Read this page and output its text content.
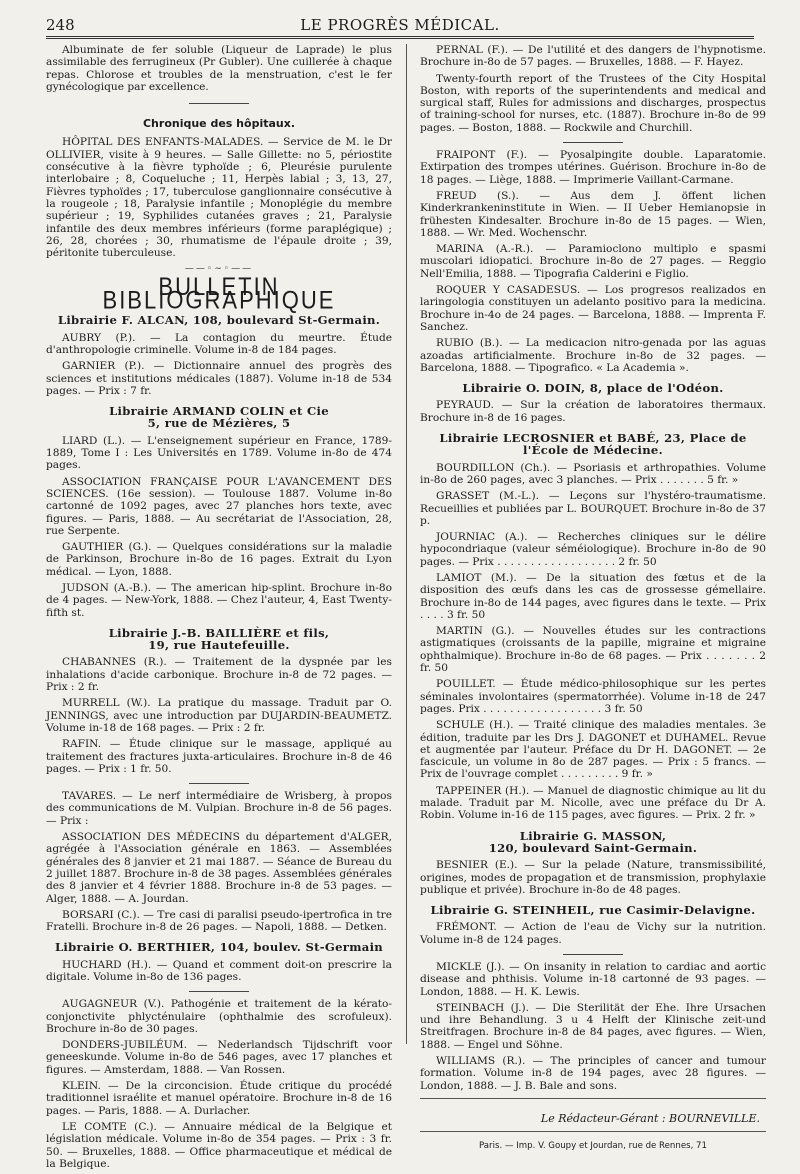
248	LE PROGRÈS MÉDICAL.

Albuminate de fer soluble (Liqueur de Laprade) le plus assimilable des ferrugineux (Pr Gubler). Une cuillerée à chaque repas. Chlorose et troubles de la menstruation, c'est le fer gynécologique par excellence.

Chronique des hôpitaux.

HÔPITAL DES ENFANTS-MALADES. — Service de M. le Dr OLLIVIER, visite à 9 heures. — Salle Gillette: no 5, périostite consécutive à la fièvre typhoïde ; 6, Pleurésie purulente interlobaire ; 8, Coqueluche ; 11, Herpès labial ; 3, 13, 27, Fièvres typhoïdes ; 17, tuberculose ganglionnaire consécutive à la rougeole ; 18, Paralysie infantile ; Monoplégie du membre supérieur ; 19, Syphilides cutanées graves ; 21, Paralysie infantile des deux membres inférieurs (forme paraplégique) ; 26, 28, chorées ; 30, rhumatisme de l'épaule droite ; 39, péritonite tuberculeuse.

——◦∼◦——
BULLETIN BIBLIOGRAPHIQUE
Librairie F. ALCAN, 108, boulevard St-Germain.

AUBRY (P.). — La contagion du meurtre. Étude d'anthropologie criminelle. Volume in-8 de 184 pages.

GARNIER (P.). — Dictionnaire annuel des progrès des sciences et institutions médicales (1887). Volume in-18 de 534 pages. — Prix : 7 fr.

Librairie ARMAND COLIN et Cie
5, rue de Mézières, 5

LIARD (L.). — L'enseignement supérieur en France, 1789-1889, Tome I : Les Universités en 1789. Volume in-8o de 474 pages.

ASSOCIATION FRANÇAISE POUR L'AVANCEMENT DES SCIENCES. (16e session). — Toulouse 1887. Volume in-8o cartonné de 1092 pages, avec 27 planches hors texte, avec figures. — Paris, 1888. — Au secrétariat de l'Association, 28, rue Serpente.

GAUTHIER (G.). — Quelques considérations sur la maladie de Parkinson, Brochure in-8o de 16 pages. Extrait du Lyon médical. — Lyon, 1888.

JUDSON (A.-B.). — The american hip-splint. Brochure in-8o de 4 pages. — New-York, 1888. — Chez l'auteur, 4, East Twenty-fifth st.

Librairie J.-B. BAILLIÈRE et fils,
19, rue Hautefeuille.

CHABANNES (R.). — Traitement de la dyspnée par les inhalations d'acide carbonique. Brochure in-8 de 72 pages. — Prix : 2 fr.

MURRELL (W.). La pratique du massage. Traduit par O. JENNINGS, avec une introduction par DUJARDIN-BEAUMETZ. Volume in-18 de 168 pages. — Prix : 2 fr.

RAFIN. — Étude clinique sur le massage, appliqué au traitement des fractures juxta-articulaires. Brochure in-8 de 46 pages. — Prix : 1 fr. 50.

TAVARES. — Le nerf intermédiaire de Wrisberg, à propos des communications de M. Vulpian. Brochure in-8 de 56 pages. — Prix :

ASSOCIATION DES MÉDECINS du département d'ALGER, agrégée à l'Association générale en 1863. — Assemblées générales des 8 janvier et 21 mai 1887. — Séance de Bureau du 2 juillet 1887. Brochure in-8 de 38 pages. Assemblées générales des 8 janvier et 4 février 1888. Brochure in-8 de 53 pages. — Alger, 1888. — A. Jourdan.

BORSARI (C.). — Tre casi di paralisi pseudo-ipertrofica in tre Fratelli. Brochure in-8 de 26 pages. — Napoli, 1888. — Detken.

Librairie O. BERTHIER, 104, boulev. St-Germain

HUCHARD (H.). — Quand et comment doit-on prescrire la digitale. Volume in-8o de 136 pages.

AUGAGNEUR (V.). Pathogénie et traitement de la kérato-conjonctivite phlycténulaire (ophthalmie des scrofuleux). Brochure in-8o de 30 pages.

DONDERS-JUBILÉUM. — Nederlandsch Tijdschrift voor geneeskunde. Volume in-8o de 546 pages, avec 17 planches et figures. — Amsterdam, 1888. — Van Rossen.

KLEIN. — De la circoncision. Étude critique du procédé traditionnel israélite et manuel opératoire. Brochure in-8 de 16 pages. — Paris, 1888. — A. Durlacher.

LE COMTE (C.). — Annuaire médical de la Belgique et législation médicale. Volume in-8o de 354 pages. — Prix : 3 fr. 50. — Bruxelles, 1888. — Office pharmaceutique et médical de la Belgique.

PERNAL (F.). — De l'utilité et des dangers de l'hypnotisme. Brochure in-8o de 57 pages. — Bruxelles, 1888. — F. Hayez.

Twenty-fourth report of the Trustees of the City Hospital Boston, with reports of the superintendents and medical and surgical staff, Rules for admissions and discharges, prospectus of training-school for nurses, etc. (1887). Brochure in-8o de 99 pages. — Boston, 1888. — Rockwile and Churchill.

FRAIPONT (F.). — Pyosalpingite double. Laparatomie. Extirpation des trompes utérines. Guérison. Brochure in-8o de 18 pages. — Liège, 1888. — Imprimerie Vaillant-Carmane.

FREUD (S.). — Aus dem J. öffent lichen Kinderkrankeninstitute in Wien. — II Ueber Hemianopsie in frühesten Kindesalter. Brochure in-8o de 15 pages. — Wien, 1888. — Wr. Med. Wochenschr.

MARINA (A.-R.). — Paramioclono multiplo e spasmi muscolari idiopatici. Brochure in-8o de 27 pages. — Reggio Nell'Emilia, 1888. — Tipografia Calderini e Figlio.

ROQUER Y CASADESUS. — Los progresos realizados en laringologia constituyen un adelanto positivo para la medicina. Brochure in-4o de 24 pages. — Barcelona, 1888. — Imprenta F. Sanchez.

RUBIO (B.). — La medicacion nitro-genada por las aguas azoadas artificialmente. Brochure in-8o de 32 pages. — Barcelona, 1888. — Tipografico. « La Academia ».

Librairie O. DOIN, 8, place de l'Odéon.

PEYRAUD. — Sur la création de laboratoires thermaux. Brochure in-8 de 16 pages.

Librairie LECROSNIER et BABÉ, 23, Place de
l'École de Médecine.

BOURDILLON (Ch.). — Psoriasis et arthropathies. Volume in-8o de 260 pages, avec 3 planches. — Prix . . . . . . . 5 fr. »

GRASSET (M.-L.). — Leçons sur l'hystéro-traumatisme. Recueillies et publiées par L. BOURQUET. Brochure in-8o de 37 p.

JOURNIAC (A.). — Recherches cliniques sur le délire hypocondriaque (valeur séméiologique). Brochure in-8o de 90 pages. — Prix . . . . . . . . . . . . . . . . . . 2 fr. 50

LAMIOT (M.). — De la situation des fœtus et de la disposition des œufs dans les cas de grossesse gémellaire. Brochure in-8o de 144 pages, avec figures dans le texte. — Prix . . . . 3 fr. 50

MARTIN (G.). — Nouvelles études sur les contractions astigmatiques (croissants de la papille, migraine et migraine ophthalmique). Brochure in-8o de 68 pages. — Prix . . . . . . . 2 fr. 50

POUILLET. — Étude médico-philosophique sur les pertes séminales involontaires (spermatorrhée). Volume in-18 de 247 pages. Prix . . . . . . . . . . . . . . . . . . 3 fr. 50

SCHULE (H.). — Traité clinique des maladies mentales. 3e édition, traduite par les Drs J. DAGONET et DUHAMEL. Revue et augmentée par l'auteur. Préface du Dr H. DAGONET. — 2e fascicule, un volume in 8o de 287 pages. — Prix : 5 francs. — Prix de l'ouvrage complet . . . . . . . . . 9 fr. »

TAPPEINER (H.). — Manuel de diagnostic chimique au lit du malade. Traduit par M. Nicolle, avec une préface du Dr A. Robin. Volume in-16 de 115 pages, avec figures. — Prix. 2 fr. »

Librairie G. MASSON,
120, boulevard Saint-Germain.

BESNIER (E.). — Sur la pelade (Nature, transmissibilité, origines, modes de propagation et de transmission, prophylaxie publique et privée). Brochure in-8o de 48 pages.

Librairie G. STEINHEIL, rue Casimir-Delavigne.

FRÉMONT. — Action de l'eau de Vichy sur la nutrition. Volume in-8 de 124 pages.

MICKLE (J.). — On insanity in relation to cardiac and aortic disease and phthisis. Volume in-18 cartonné de 93 pages. — London, 1888. — H. K. Lewis.

STEINBACH (J.). — Die Sterilität der Ehe. Ihre Ursachen und ihre Behandlung. 3 u 4 Helft der Klinische zeit-und Streitfragen. Brochure in-8 de 84 pages, avec figures. — Wien, 1888. — Engel und Söhne.

WILLIAMS (R.). — The principles of cancer and tumour formation. Volume in-8 de 194 pages, avec 28 figures. — London, 1888. — J. B. Bale and sons.

Le Rédacteur-Gérant : BOURNEVILLE.
Paris. — Imp. V. Goupy et Jourdan, rue de Rennes, 71
